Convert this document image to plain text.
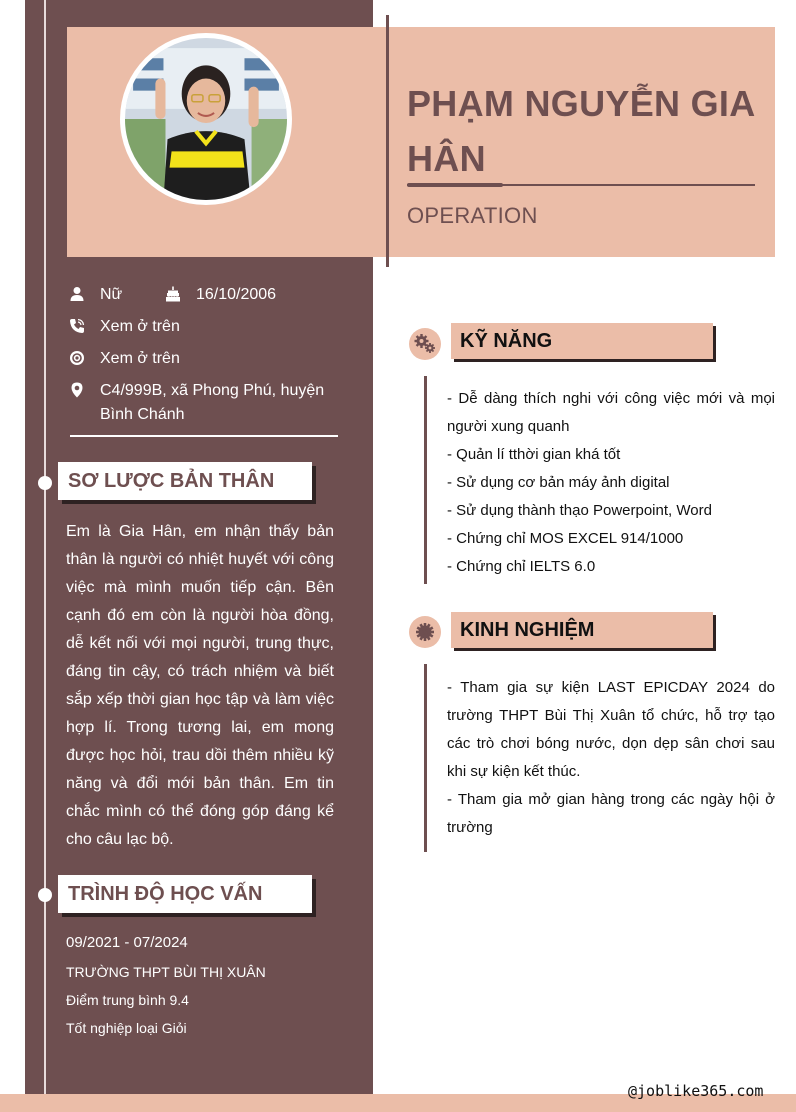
PHẠM NGUYỄN GIA HÂN
OPERATION
Nữ	16/10/2006
Xem ở trên
Xem ở trên
C4/999B, xã Phong Phú, huyện Bình Chánh
SƠ LƯỢC BẢN THÂN
Em là Gia Hân, em nhận thấy bản thân là người có nhiệt huyết với công việc mà mình muốn tiếp cận. Bên cạnh đó em còn là người hòa đồng, dễ kết nối với mọi người, trung thực, đáng tin cậy, có trách nhiệm và biết sắp xếp thời gian học tập và làm việc hợp lí. Trong tương lai, em mong được học hỏi, trau dồi thêm nhiều kỹ năng và đổi mới bản thân. Em tin chắc mình có thể đóng góp đáng kể cho câu lạc bộ.
TRÌNH ĐỘ HỌC VẤN
09/2021 - 07/2024
TRƯỜNG THPT BÙI THỊ XUÂN
Điểm trung bình 9.4
Tốt nghiệp loại Giỏi
KỸ NĂNG
- Dễ dàng thích nghi với công việc mới và mọi người xung quanh
- Quản lí tthời gian khá tốt
- Sử dụng cơ bản máy ảnh digital
- Sử dụng thành thạo Powerpoint, Word
- Chứng chỉ MOS EXCEL 914/1000
- Chứng chỉ IELTS 6.0
KINH NGHIỆM
- Tham gia sự kiện LAST EPICDAY 2024 do trường THPT Bùi Thị Xuân tổ chức, hỗ trợ tạo các trò chơi bóng nước, dọn dẹp sân chơi sau khi sự kiện kết thúc.
- Tham gia mở gian hàng trong các ngày hội ở trường
@joblike365.com
